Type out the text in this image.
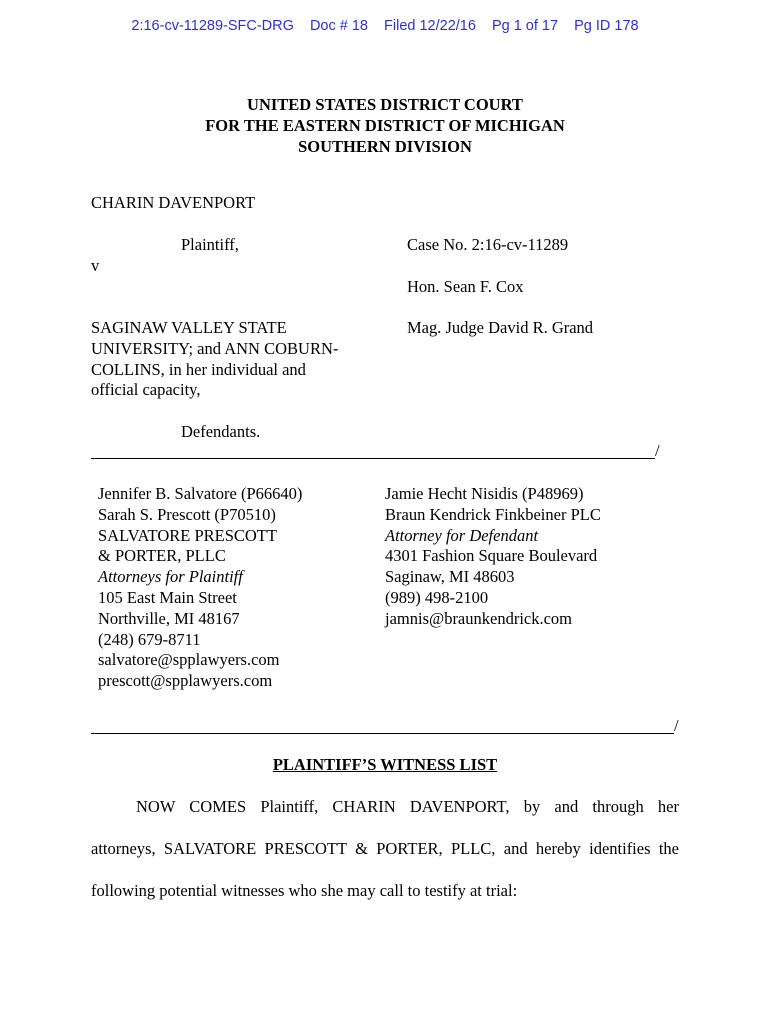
2:16-cv-11289-SFC-DRG Doc # 18 Filed 12/22/16 Pg 1 of 17 Pg ID 178
UNITED STATES DISTRICT COURT
FOR THE EASTERN DISTRICT OF MICHIGAN
SOUTHERN DIVISION
CHARIN DAVENPORT
Plaintiff,
v
SAGINAW VALLEY STATE
UNIVERSITY; and ANN COBURN-
COLLINS, in her individual and
official capacity,
Defendants.
Case No. 2:16-cv-11289
Hon. Sean F. Cox
Mag. Judge David R. Grand
/
Jennifer B. Salvatore (P66640)
Sarah S. Prescott (P70510)
SALVATORE PRESCOTT
& PORTER, PLLC
Attorneys for Plaintiff
105 East Main Street
Northville, MI 48167
(248) 679-8711
salvatore@spplawyers.com
prescott@spplawyers.com
Jamie Hecht Nisidis (P48969)
Braun Kendrick Finkbeiner PLC
Attorney for Defendant
4301 Fashion Square Boulevard
Saginaw, MI 48603
(989) 498-2100
jamnis@braunkendrick.com
/
PLAINTIFF’S WITNESS LIST
NOW COMES Plaintiff, CHARIN DAVENPORT, by and through her
attorneys, SALVATORE PRESCOTT & PORTER, PLLC, and hereby identifies the
following potential witnesses who she may call to testify at trial:
